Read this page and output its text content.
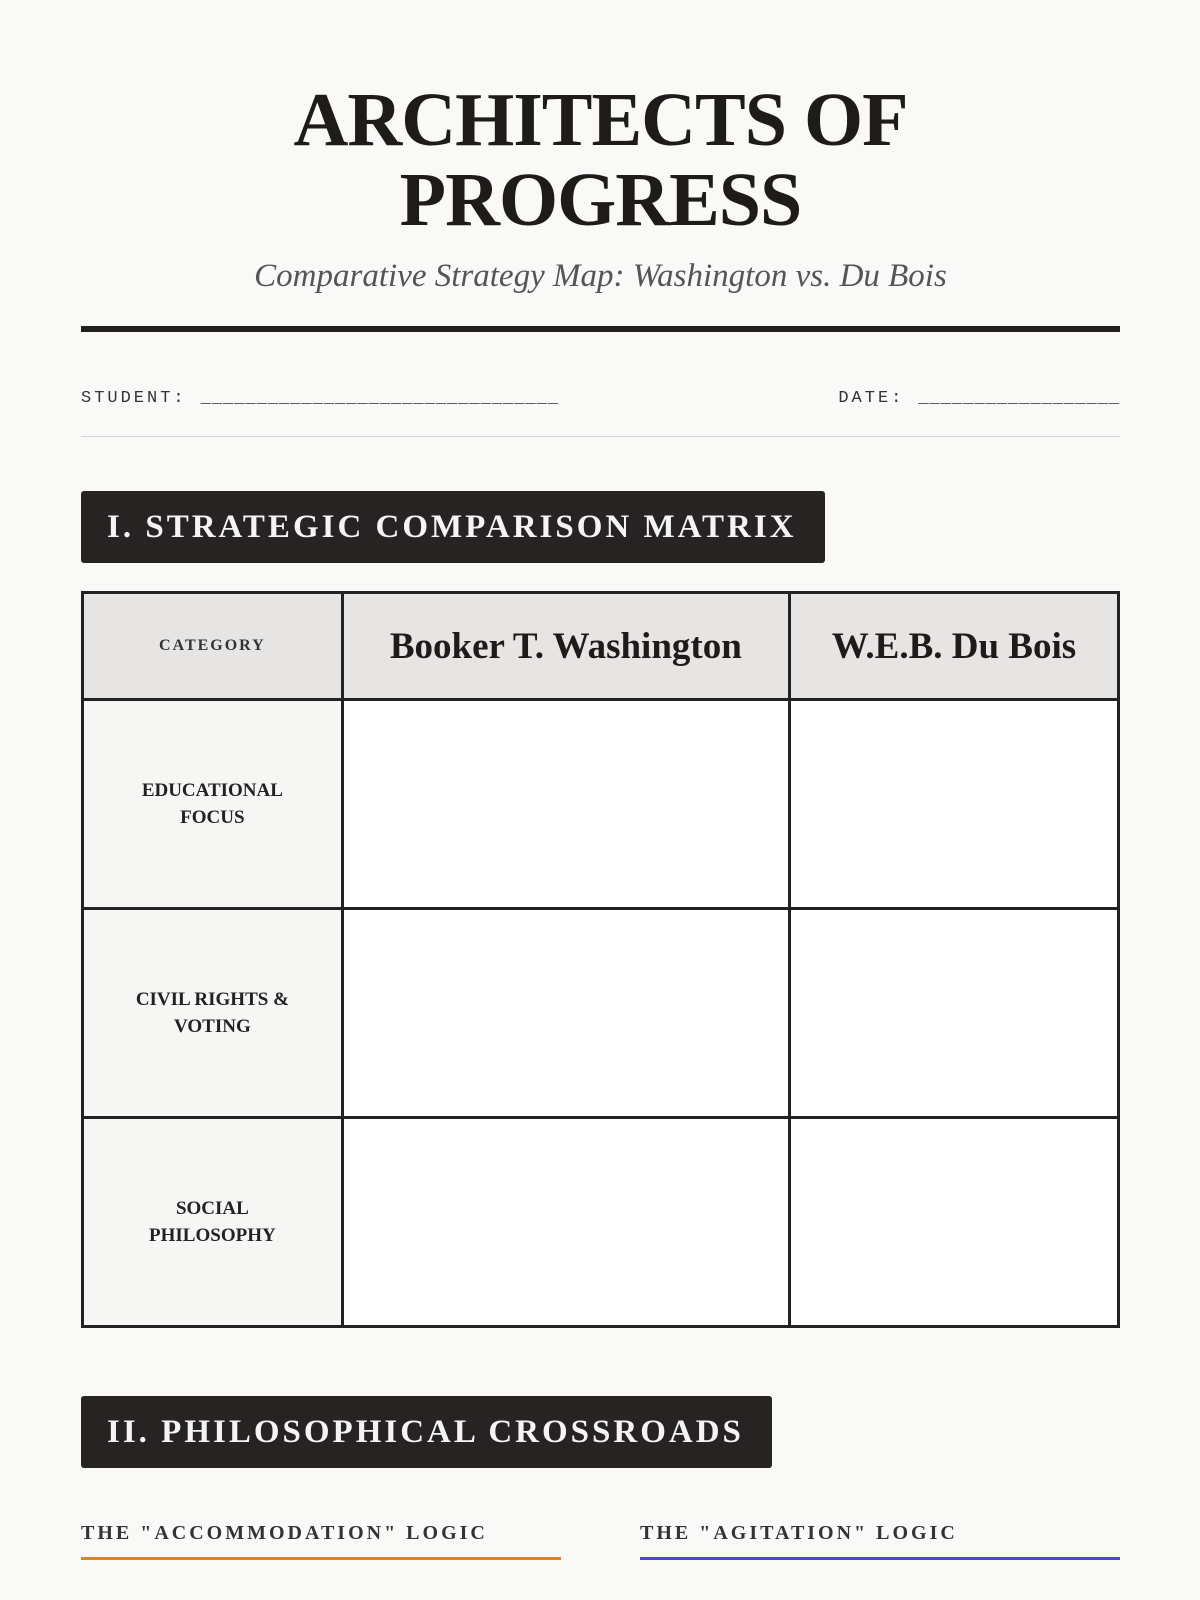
ARCHITECTS OF
PROGRESS

Comparative Strategy Map: Washington vs. Du Bois

STUDENT: ________________________________	DATE: __________________
I. STRATEGIC COMPARISON MATRIX
CATEGORY	Booker T. Washington	W.E.B. Du Bois
EDUCATIONAL FOCUS		
CIVIL RIGHTS & VOTING		
SOCIAL PHILOSOPHY		
II. PHILOSOPHICAL CROSSROADS
THE "ACCOMMODATION" LOGIC	THE "AGITATION" LOGIC
